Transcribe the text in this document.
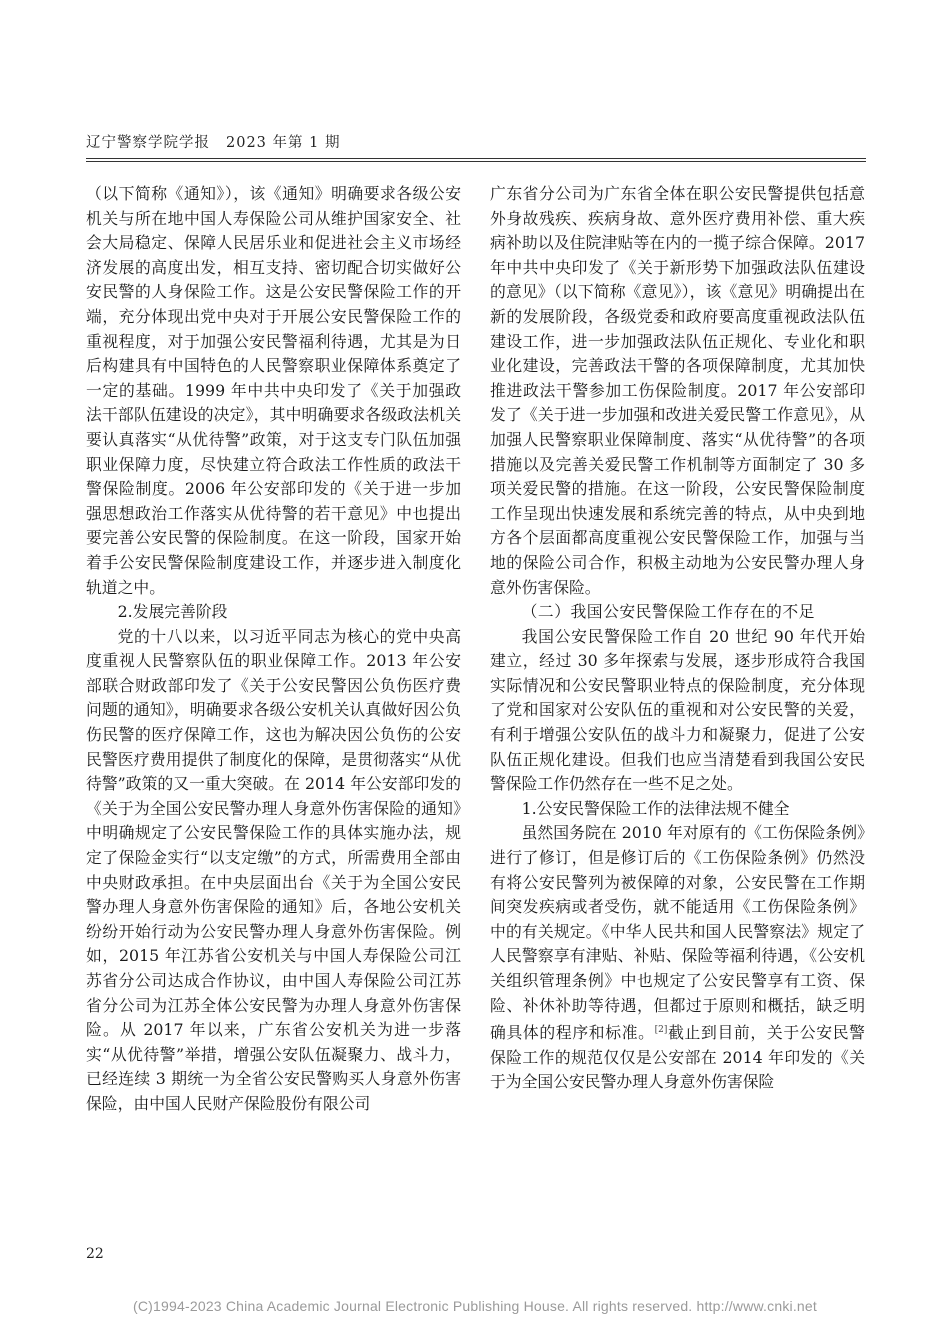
辽宁警察学院学报 2023 年第 1 期

（以下简称《通知》），该《通知》明确要求各级公安机关与所在地中国人寿保险公司从维护国家安全、社会大局稳定、保障人民居乐业和促进社会主义市场经济发展的高度出发，相互支持、密切配合切实做好公安民警的人身保险工作。这是公安民警保险工作的开端，充分体现出党中央对于开展公安民警保险工作的重视程度，对于加强公安民警福利待遇，尤其是为日后构建具有中国特色的人民警察职业保障体系奠定了一定的基础。1999 年中共中央印发了《关于加强政法干部队伍建设的决定》，其中明确要求各级政法机关要认真落实“从优待警”政策，对于这支专门队伍加强职业保障力度，尽快建立符合政法工作性质的政法干警保险制度。2006 年公安部印发的《关于进一步加强思想政治工作落实从优待警的若干意见》中也提出要完善公安民警的保险制度。在这一阶段，国家开始着手公安民警保险制度建设工作，并逐步进入制度化轨道之中。

2.发展完善阶段

党的十八以来，以习近平同志为核心的党中央高度重视人民警察队伍的职业保障工作。2013 年公安部联合财政部印发了《关于公安民警因公负伤医疗费问题的通知》，明确要求各级公安机关认真做好因公负伤民警的医疗保障工作，这也为解决因公负伤的公安民警医疗费用提供了制度化的保障，是贯彻落实“从优待警”政策的又一重大突破。在 2014 年公安部印发的《关于为全国公安民警办理人身意外伤害保险的通知》中明确规定了公安民警保险工作的具体实施办法，规定了保险金实行“以支定缴”的方式，所需费用全部由中央财政承担。在中央层面出台《关于为全国公安民警办理人身意外伤害保险的通知》后，各地公安机关纷纷开始行动为公安民警办理人身意外伤害保险。例如，2015 年江苏省公安机关与中国人寿保险公司江苏省分公司达成合作协议，由中国人寿保险公司江苏省分公司为江苏全体公安民警为办理人身意外伤害保险。从 2017 年以来，广东省公安机关为进一步落实“从优待警”举措，增强公安队伍凝聚力、战斗力，已经连续 3 期统一为全省公安民警购买人身意外伤害保险，由中国人民财产保险股份有限公司

广东省分公司为广东省全体在职公安民警提供包括意外身故残疾、疾病身故、意外医疗费用补偿、重大疾病补助以及住院津贴等在内的一揽子综合保障。2017 年中共中央印发了《关于新形势下加强政法队伍建设的意见》（以下简称《意见》），该《意见》明确提出在新的发展阶段，各级党委和政府要高度重视政法队伍建设工作，进一步加强政法队伍正规化、专业化和职业化建设，完善政法干警的各项保障制度，尤其加快推进政法干警参加工伤保险制度。2017 年公安部印发了《关于进一步加强和改进关爱民警工作意见》，从加强人民警察职业保障制度、落实“从优待警”的各项措施以及完善关爱民警工作机制等方面制定了 30 多项关爱民警的措施。在这一阶段，公安民警保险制度工作呈现出快速发展和系统完善的特点，从中央到地方各个层面都高度重视公安民警保险工作，加强与当地的保险公司合作，积极主动地为公安民警办理人身意外伤害保险。

（二）我国公安民警保险工作存在的不足

我国公安民警保险工作自 20 世纪 90 年代开始建立，经过 30 多年探索与发展，逐步形成符合我国实际情况和公安民警职业特点的保险制度，充分体现了党和国家对公安队伍的重视和对公安民警的关爱，有利于增强公安队伍的战斗力和凝聚力，促进了公安队伍正规化建设。但我们也应当清楚看到我国公安民警保险工作仍然存在一些不足之处。

1.公安民警保险工作的法律法规不健全

虽然国务院在 2010 年对原有的《工伤保险条例》进行了修订，但是修订后的《工伤保险条例》仍然没有将公安民警列为被保障的对象，公安民警在工作期间突发疾病或者受伤，就不能适用《工伤保险条例》中的有关规定。《中华人民共和国人民警察法》规定了人民警察享有津贴、补贴、保险等福利待遇，《公安机关组织管理条例》中也规定了公安民警享有工资、保险、补休补助等待遇，但都过于原则和概括，缺乏明确具体的程序和标准。[2]截止到目前，关于公安民警保险工作的规范仅仅是公安部在 2014 年印发的《关于为全国公安民警办理人身意外伤害保险

22
(C)1994-2023 China Academic Journal Electronic Publishing House. All rights reserved. http://www.cnki.net
